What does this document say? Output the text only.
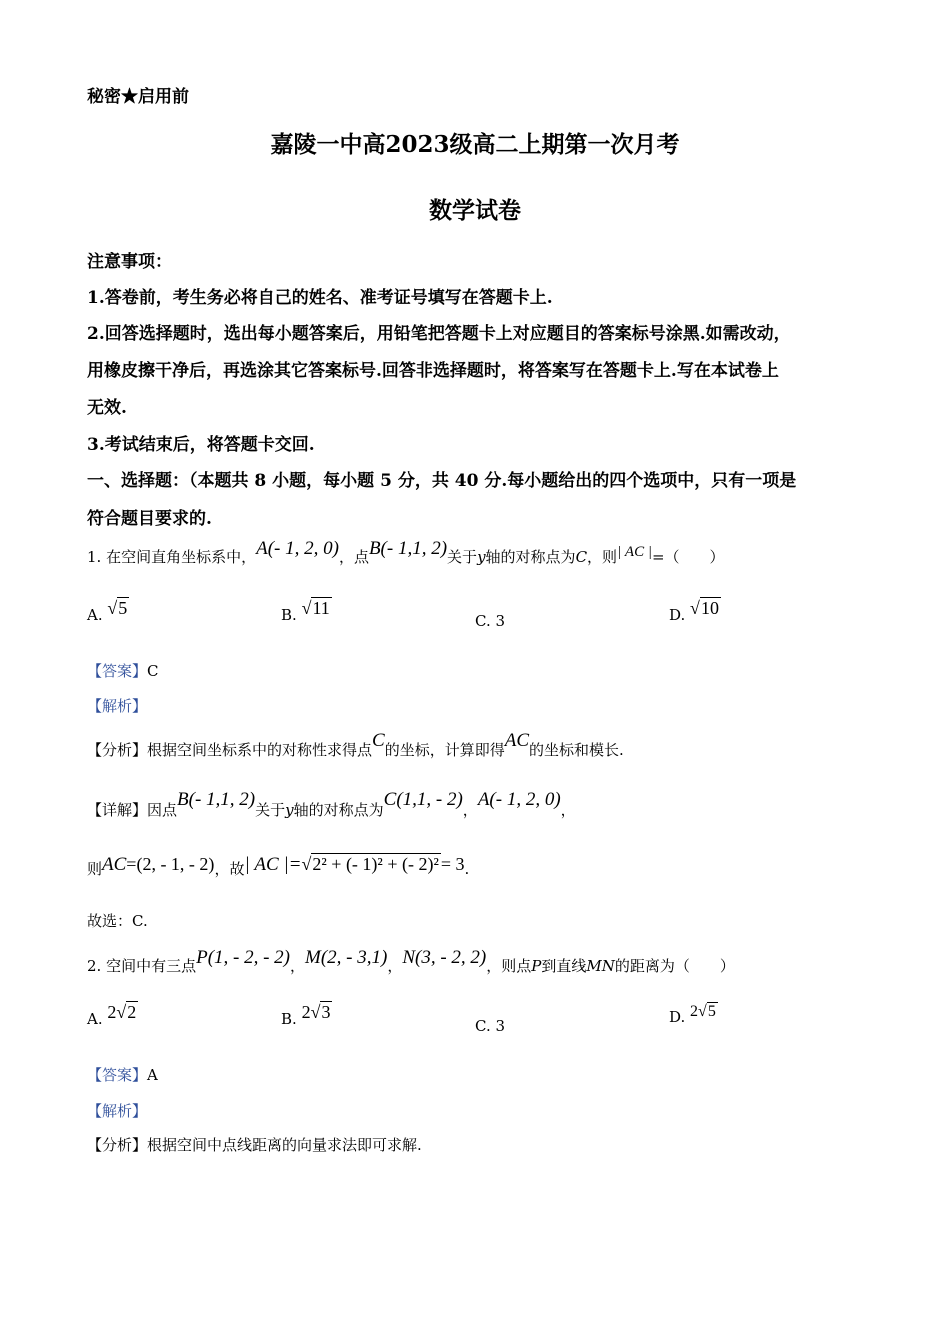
秘密★启用前
嘉陵一中高2023级高二上期第一次月考
数学试卷
注意事项：
1.答卷前，考生务必将自己的姓名、准考证号填写在答题卡上.
2.回答选择题时，选出每小题答案后，用铅笔把答题卡上对应题目的答案标号涂黑.如需改动，
用橡皮擦干净后，再选涂其它答案标号.回答非选择题时，将答案写在答题卡上.写在本试卷上
无效.
3.考试结束后，将答题卡交回.
一、选择题：（本题共 8 小题，每小题 5 分，共 40 分.每小题给出的四个选项中，只有一项是
符合题目要求的.
1. 在空间直角坐标系中，A(- 1, 2, 0)，点B(- 1,1, 2)关于y轴的对称点为C，则| AC |=（　　）
A. √5	B. √11
C. 3	D. √10
【答案】C
【解析】
【分析】根据空间坐标系中的对称性求得点C的坐标，计算即得AC的坐标和模长.
【详解】因点B(- 1,1, 2)关于y轴的对称点为C(1,1, - 2)，A(- 1, 2, 0)，
则AC=(2, - 1, - 2)，故| AC |=√2² + (- 1)² + (- 2)² = 3.
故选：C.
2. 空间中有三点P(1, - 2, - 2)，M(2, - 3,1)，N(3, - 2, 2)，则点P到直线MN的距离为（　　）
A. 2√2	B. 2√3
C. 3	D. 2√5
【答案】A
【解析】
【分析】根据空间中点线距离的向量求法即可求解.
